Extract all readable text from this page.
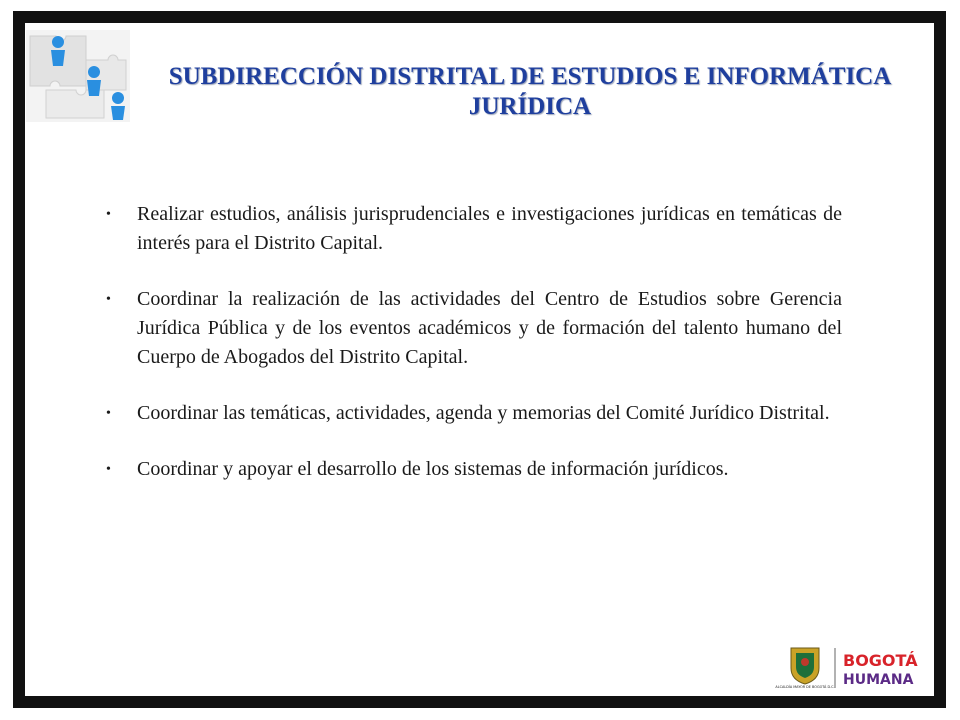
SUBDIRECCIÓN DISTRITAL DE ESTUDIOS E INFORMÁTICA
JURÍDICA
• Realizar estudios, análisis jurisprudenciales e investigaciones jurídicas en temáticas de interés para el Distrito Capital.
• Coordinar la realización de las actividades del Centro de Estudios sobre Gerencia Jurídica Pública y de los eventos académicos y de formación del talento humano del Cuerpo de Abogados del Distrito Capital.
• Coordinar las temáticas, actividades, agenda y memorias del Comité Jurídico Distrital.
• Coordinar y apoyar el desarrollo de los sistemas de información jurídicos.
ALCALDÍA MAYOR DE BOGOTÁ D.C.
BOGOTÁ
HUMANA
